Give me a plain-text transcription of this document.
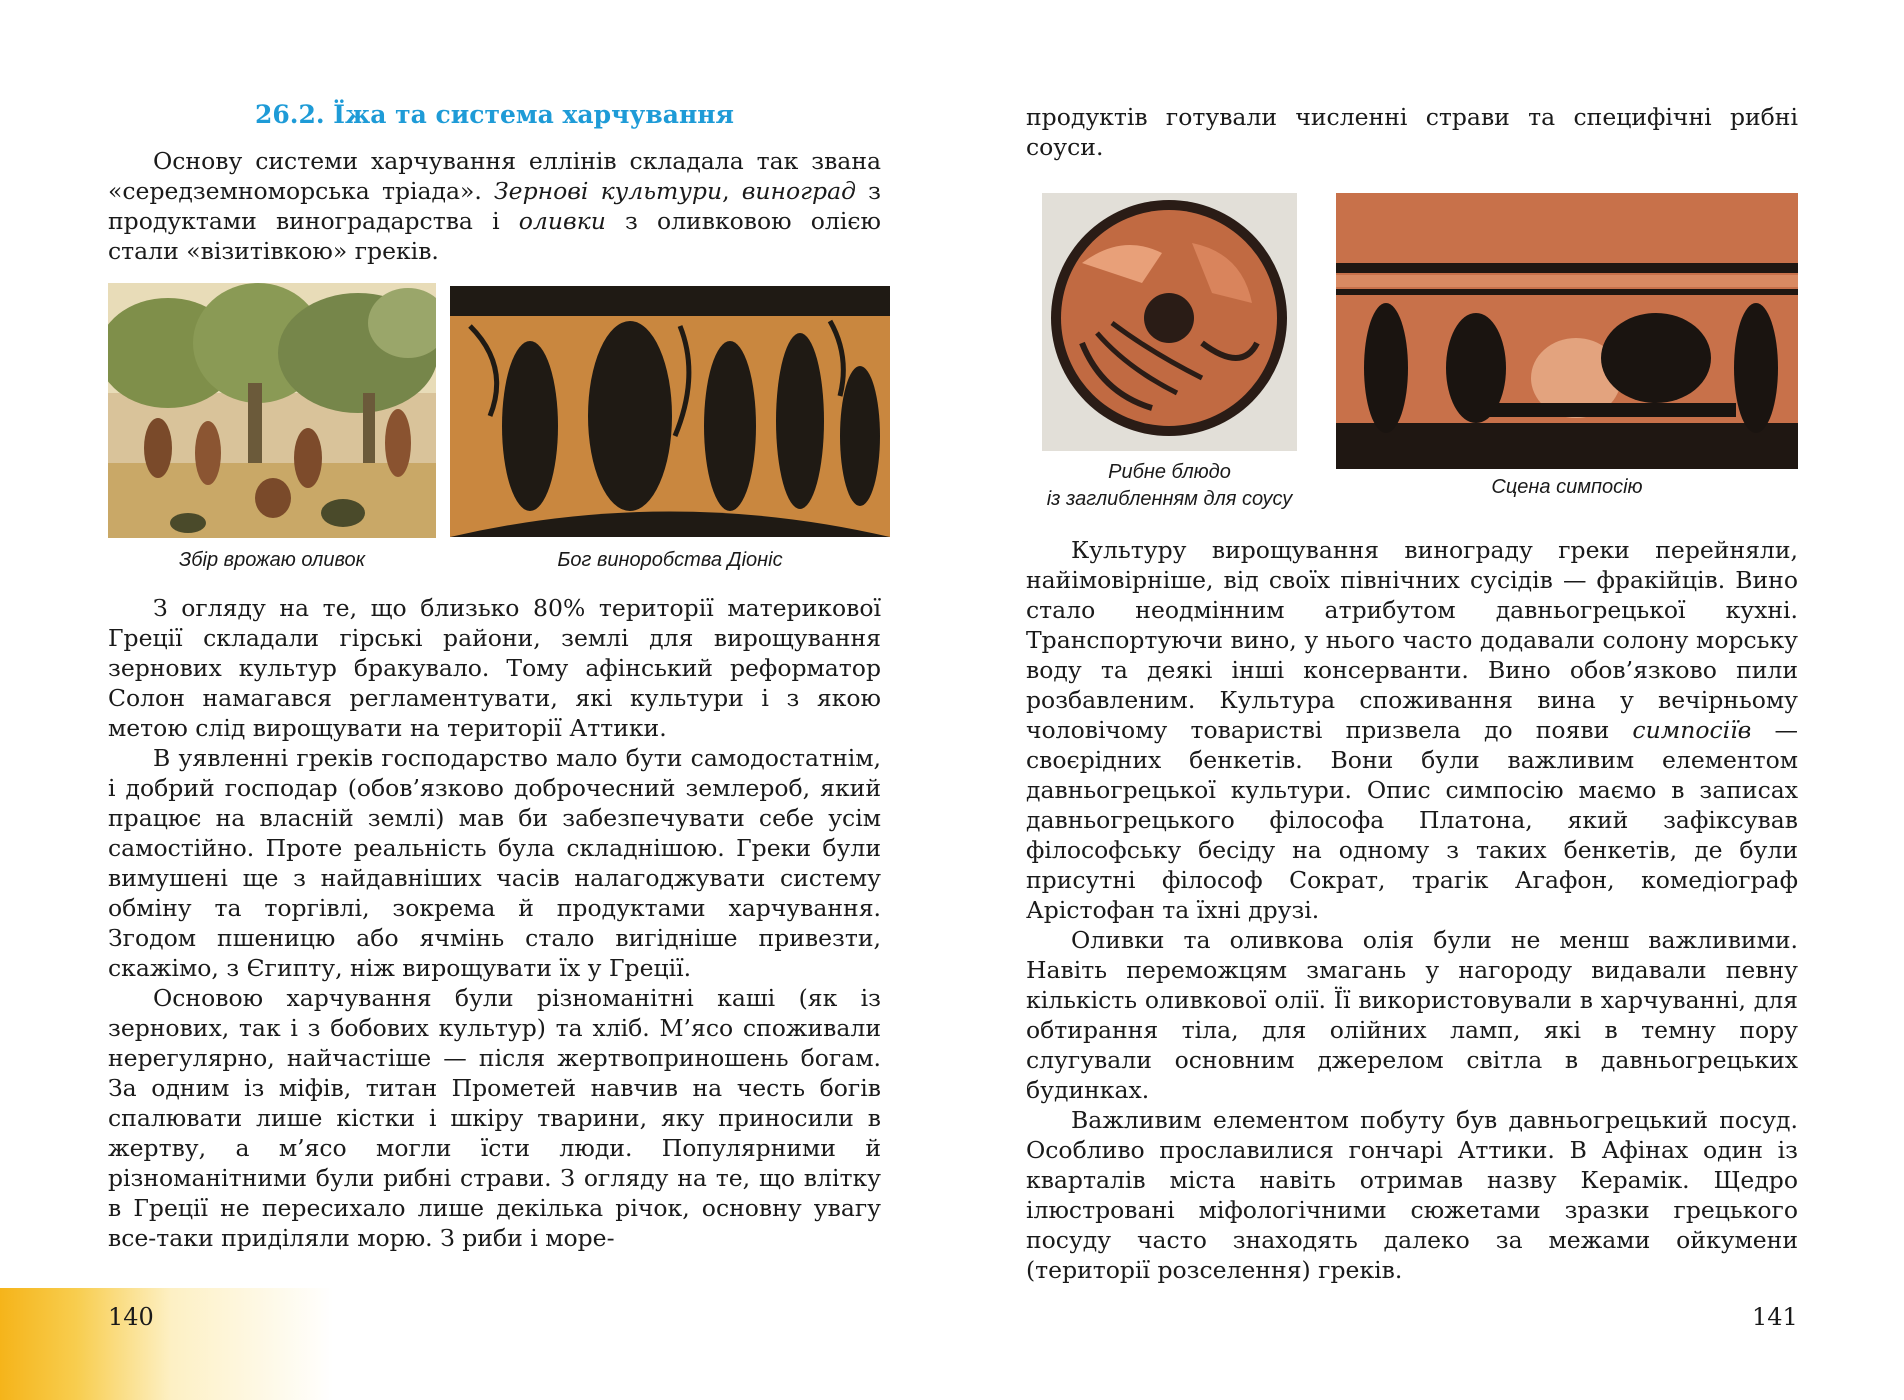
26.2. Їжа та система харчування

Основу системи харчування еллінів складала так звана «середземноморська тріада». Зернові культури, виноград з продуктами виноградарства і оливки з оливковою олією стали «візитівкою» греків.

Збір врожаю оливок	Бог виноробства Діоніс

З огляду на те, що близько 80% території материкової Греції складали гірські райони, землі для вирощування зернових культур бракувало. Тому афінський реформатор Солон намагався регламентувати, які культури і з якою метою слід вирощувати на території Аттики.

В уявленні греків господарство мало бути самодостатнім, і добрий господар (обов’язково доброчесний землероб, який працює на власній землі) мав би забезпечувати себе усім самостійно. Проте реальність була складнішою. Греки були вимушені ще з найдавніших часів налагоджувати систему обміну та торгівлі, зокрема й продуктами харчування. Згодом пшеницю або ячмінь стало вигідніше привезти, скажімо, з Єгипту, ніж вирощувати їх у Греції.

Основою харчування були різноманітні каші (як із зернових, так і з бобових культур) та хліб. М’ясо споживали нерегулярно, найчастіше — після жертвоприношень богам. За одним із міфів, титан Прометей навчив на честь богів спалювати лише кістки і шкіру тварини, яку приносили в жертву, а м’ясо могли їсти люди. Популярними й різноманітними були рибні страви. З огляду на те, що влітку в Греції не пересихало лише декілька річок, основну увагу все-таки приділяли морю. З риби і море-

140

продуктів готували численні страви та специфічні рибні соуси.

Рибне блюдо
із заглибленням для соусу
Сцена симпосію

Культуру вирощування винограду греки перейняли, найімовірніше, від своїх північних сусідів — фракійців. Вино стало неодмінним атрибутом давньогрецької кухні. Транспортуючи вино, у нього часто додавали солону морську воду та деякі інші консерванти. Вино обов’язково пили розбавленим. Культура споживання вина у вечірньому чоловічому товаристві призвела до появи симпосіїв — своєрідних бенкетів. Вони були важливим елементом давньогрецької культури. Опис симпосію маємо в записах давньогрецького філософа Платона, який зафіксував філософську бесіду на одному з таких бенкетів, де були присутні філософ Сократ, трагік Агафон, комедіограф Арістофан та їхні друзі.

Оливки та оливкова олія були не менш важливими. Навіть переможцям змагань у нагороду видавали певну кількість оливкової олії. Її використовували в харчуванні, для обтирання тіла, для олійних ламп, які в темну пору слугували основним джерелом світла в давньогрецьких будинках.

Важливим елементом побуту був давньогрецький посуд. Особливо прославилися гончарі Аттики. В Афінах один із кварталів міста навіть отримав назву Керамік. Щедро ілюстровані міфологічними сюжетами зразки грецького посуду часто знаходять далеко за межами ойкумени (території розселення) греків.

141
